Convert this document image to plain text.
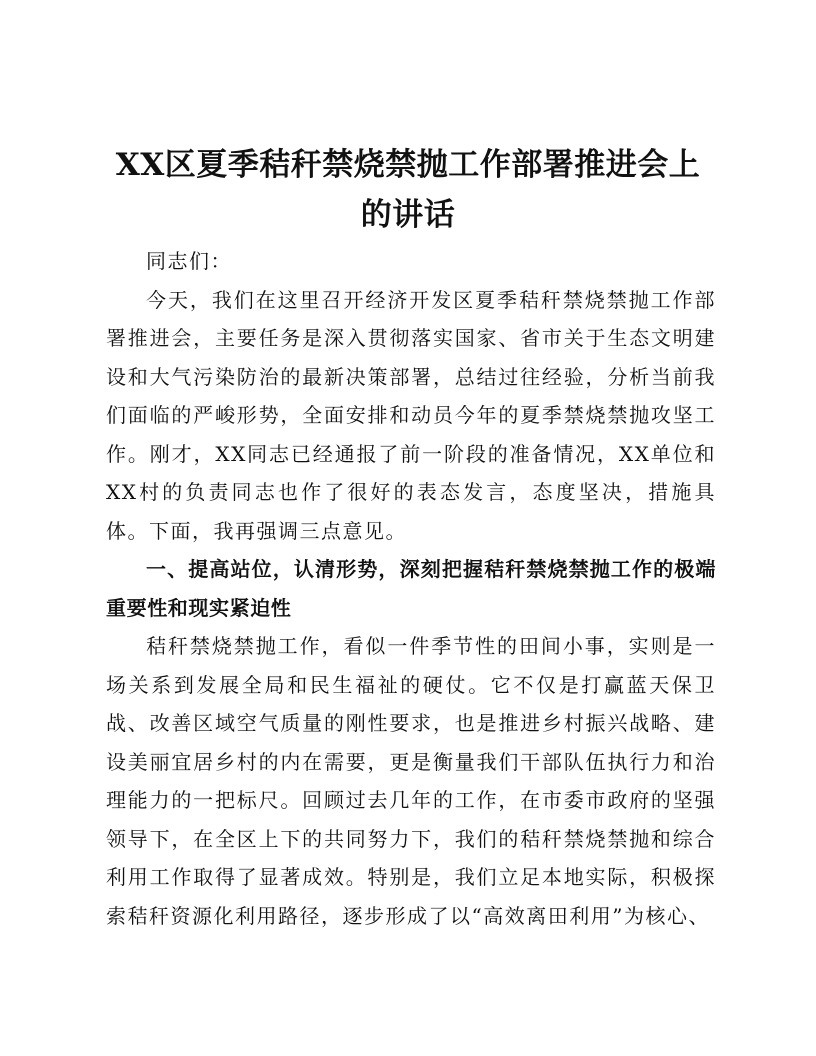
XX区夏季秸秆禁烧禁抛工作部署推进会上的讲话

同志们：

今天，我们在这里召开经济开发区夏季秸秆禁烧禁抛工作部署推进会，主要任务是深入贯彻落实国家、省市关于生态文明建设和大气污染防治的最新决策部署，总结过往经验，分析当前我们面临的严峻形势，全面安排和动员今年的夏季禁烧禁抛攻坚工作。刚才，XX同志已经通报了前一阶段的准备情况，XX单位和XX村的负责同志也作了很好的表态发言，态度坚决，措施具体。下面，我再强调三点意见。

一、提高站位，认清形势，深刻把握秸秆禁烧禁抛工作的极端重要性和现实紧迫性

秸秆禁烧禁抛工作，看似一件季节性的田间小事，实则是一场关系到发展全局和民生福祉的硬仗。它不仅是打赢蓝天保卫战、改善区域空气质量的刚性要求，也是推进乡村振兴战略、建设美丽宜居乡村的内在需要，更是衡量我们干部队伍执行力和治理能力的一把标尺。回顾过去几年的工作，在市委市政府的坚强领导下，在全区上下的共同努力下，我们的秸秆禁烧禁抛和综合利用工作取得了显著成效。特别是，我们立足本地实际，积极探索秸秆资源化利用路径，逐步形成了以“高效离田利用”为核心、
